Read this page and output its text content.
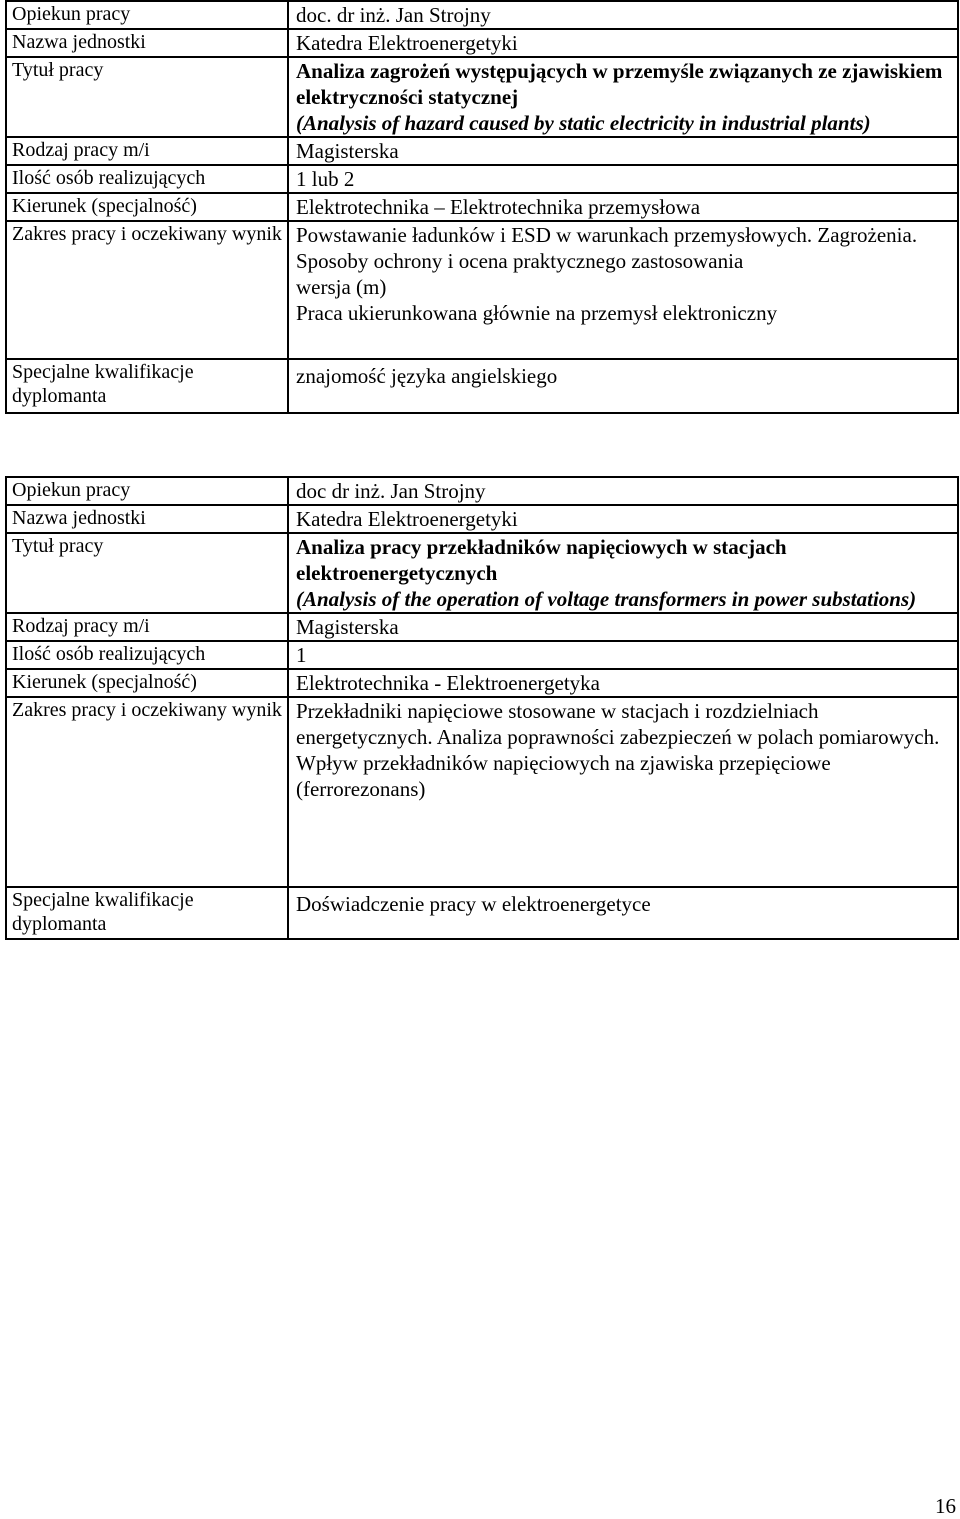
Opiekun pracy	doc. dr inż. Jan Strojny
Nazwa jednostki	Katedra Elektroenergetyki
Tytuł pracy	Analiza zagrożeń występujących w przemyśle związanych ze zjawiskiem elektryczności statycznej
(Analysis of hazard caused by static electricity in industrial plants)

Rodzaj pracy m/i	Magisterska
Ilość osób realizujących	1 lub 2
Kierunek (specjalność)	Elektrotechnika – Elektrotechnika przemysłowa
Zakres pracy i oczekiwany wynik	Powstawanie ładunków i ESD w warunkach przemysłowych. Zagrożenia. Sposoby ochrony i ocena praktycznego zastosowania
wersja (m)
Praca ukierunkowana głównie na przemysł elektroniczny

Specjalne kwalifikacje dyplomanta	znajomość języka angielskiego
Opiekun pracy	doc dr inż. Jan Strojny
Nazwa jednostki	Katedra Elektroenergetyki
Tytuł pracy	Analiza pracy przekładników napięciowych w stacjach elektroenergetycznych
(Analysis of the operation of voltage transformers in power substations)

Rodzaj pracy m/i	Magisterska
Ilość osób realizujących	1
Kierunek (specjalność)	Elektrotechnika - Elektroenergetyka
Zakres pracy i oczekiwany wynik	Przekładniki napięciowe stosowane w stacjach i rozdzielniach energetycznych. Analiza poprawności zabezpieczeń w polach pomiarowych. Wpływ przekładników napięciowych na zjawiska przepięciowe (ferrorezonans)

Specjalne kwalifikacje dyplomanta	Doświadczenie pracy w elektroenergetyce
16
